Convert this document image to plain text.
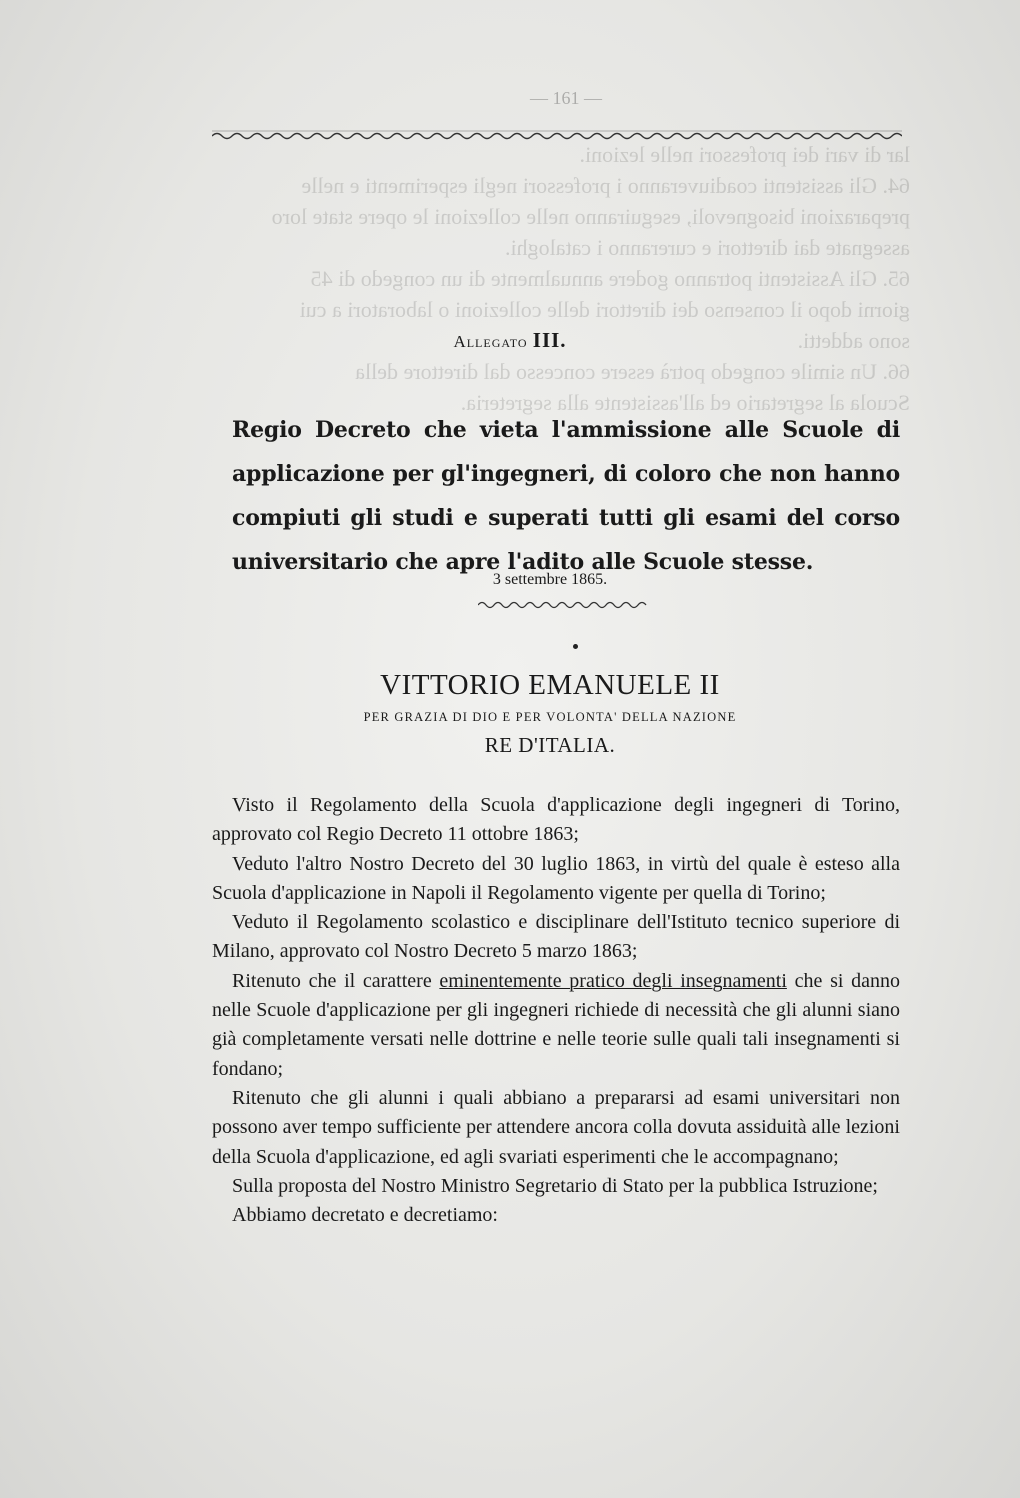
lar di vari dei professori nelle lezioni.
64. Gli assistenti coadiuveranno i professori negli esperimenti e nelle
preparazioni bisognevoli, eseguiranno nelle collezioni le opere state loro
assegnate dai direttori e cureranno i cataloghi.
65. Gli Assistenti potranno godere annualmente di un congedo di 45
giorni dopo il consenso dei direttori delle collezioni o laboratori a cui
sono addetti.
66. Un simile congedo potrà essere concesso dal direttore della
Scuola al segretario ed all'assistente alla segreteria.
— 161 —
Allegato III.
Regio Decreto che vieta l'ammissione alle Scuole di applicazione per gl'ingegneri, di coloro che non hanno compiuti gli studi e superati tutti gli esami del corso universitario che apre l'adito alle Scuole stesse.
3 settembre 1865.
VITTORIO EMANUELE II
PER GRAZIA DI DIO E PER VOLONTA' DELLA NAZIONE
RE D'ITALIA.

Visto il Regolamento della Scuola d'applicazione degli ingegneri di Torino, approvato col Regio Decreto 11 ottobre 1863;

Veduto l'altro Nostro Decreto del 30 luglio 1863, in virtù del quale è esteso alla Scuola d'applicazione in Napoli il Regolamento vigente per quella di Torino;

Veduto il Regolamento scolastico e disciplinare dell'Istituto tecnico superiore di Milano, approvato col Nostro Decreto 5 marzo 1863;

Ritenuto che il carattere eminentemente pratico degli insegnamenti che si danno nelle Scuole d'applicazione per gli ingegneri richiede di necessità che gli alunni siano già completamente versati nelle dottrine e nelle teorie sulle quali tali insegnamenti si fondano;

Ritenuto che gli alunni i quali abbiano a prepararsi ad esami universitari non possono aver tempo sufficiente per attendere ancora colla dovuta assiduità alle lezioni della Scuola d'applicazione, ed agli svariati esperimenti che le accompagnano;

Sulla proposta del Nostro Ministro Segretario di Stato per la pubblica Istruzione;

Abbiamo decretato e decretiamo:
